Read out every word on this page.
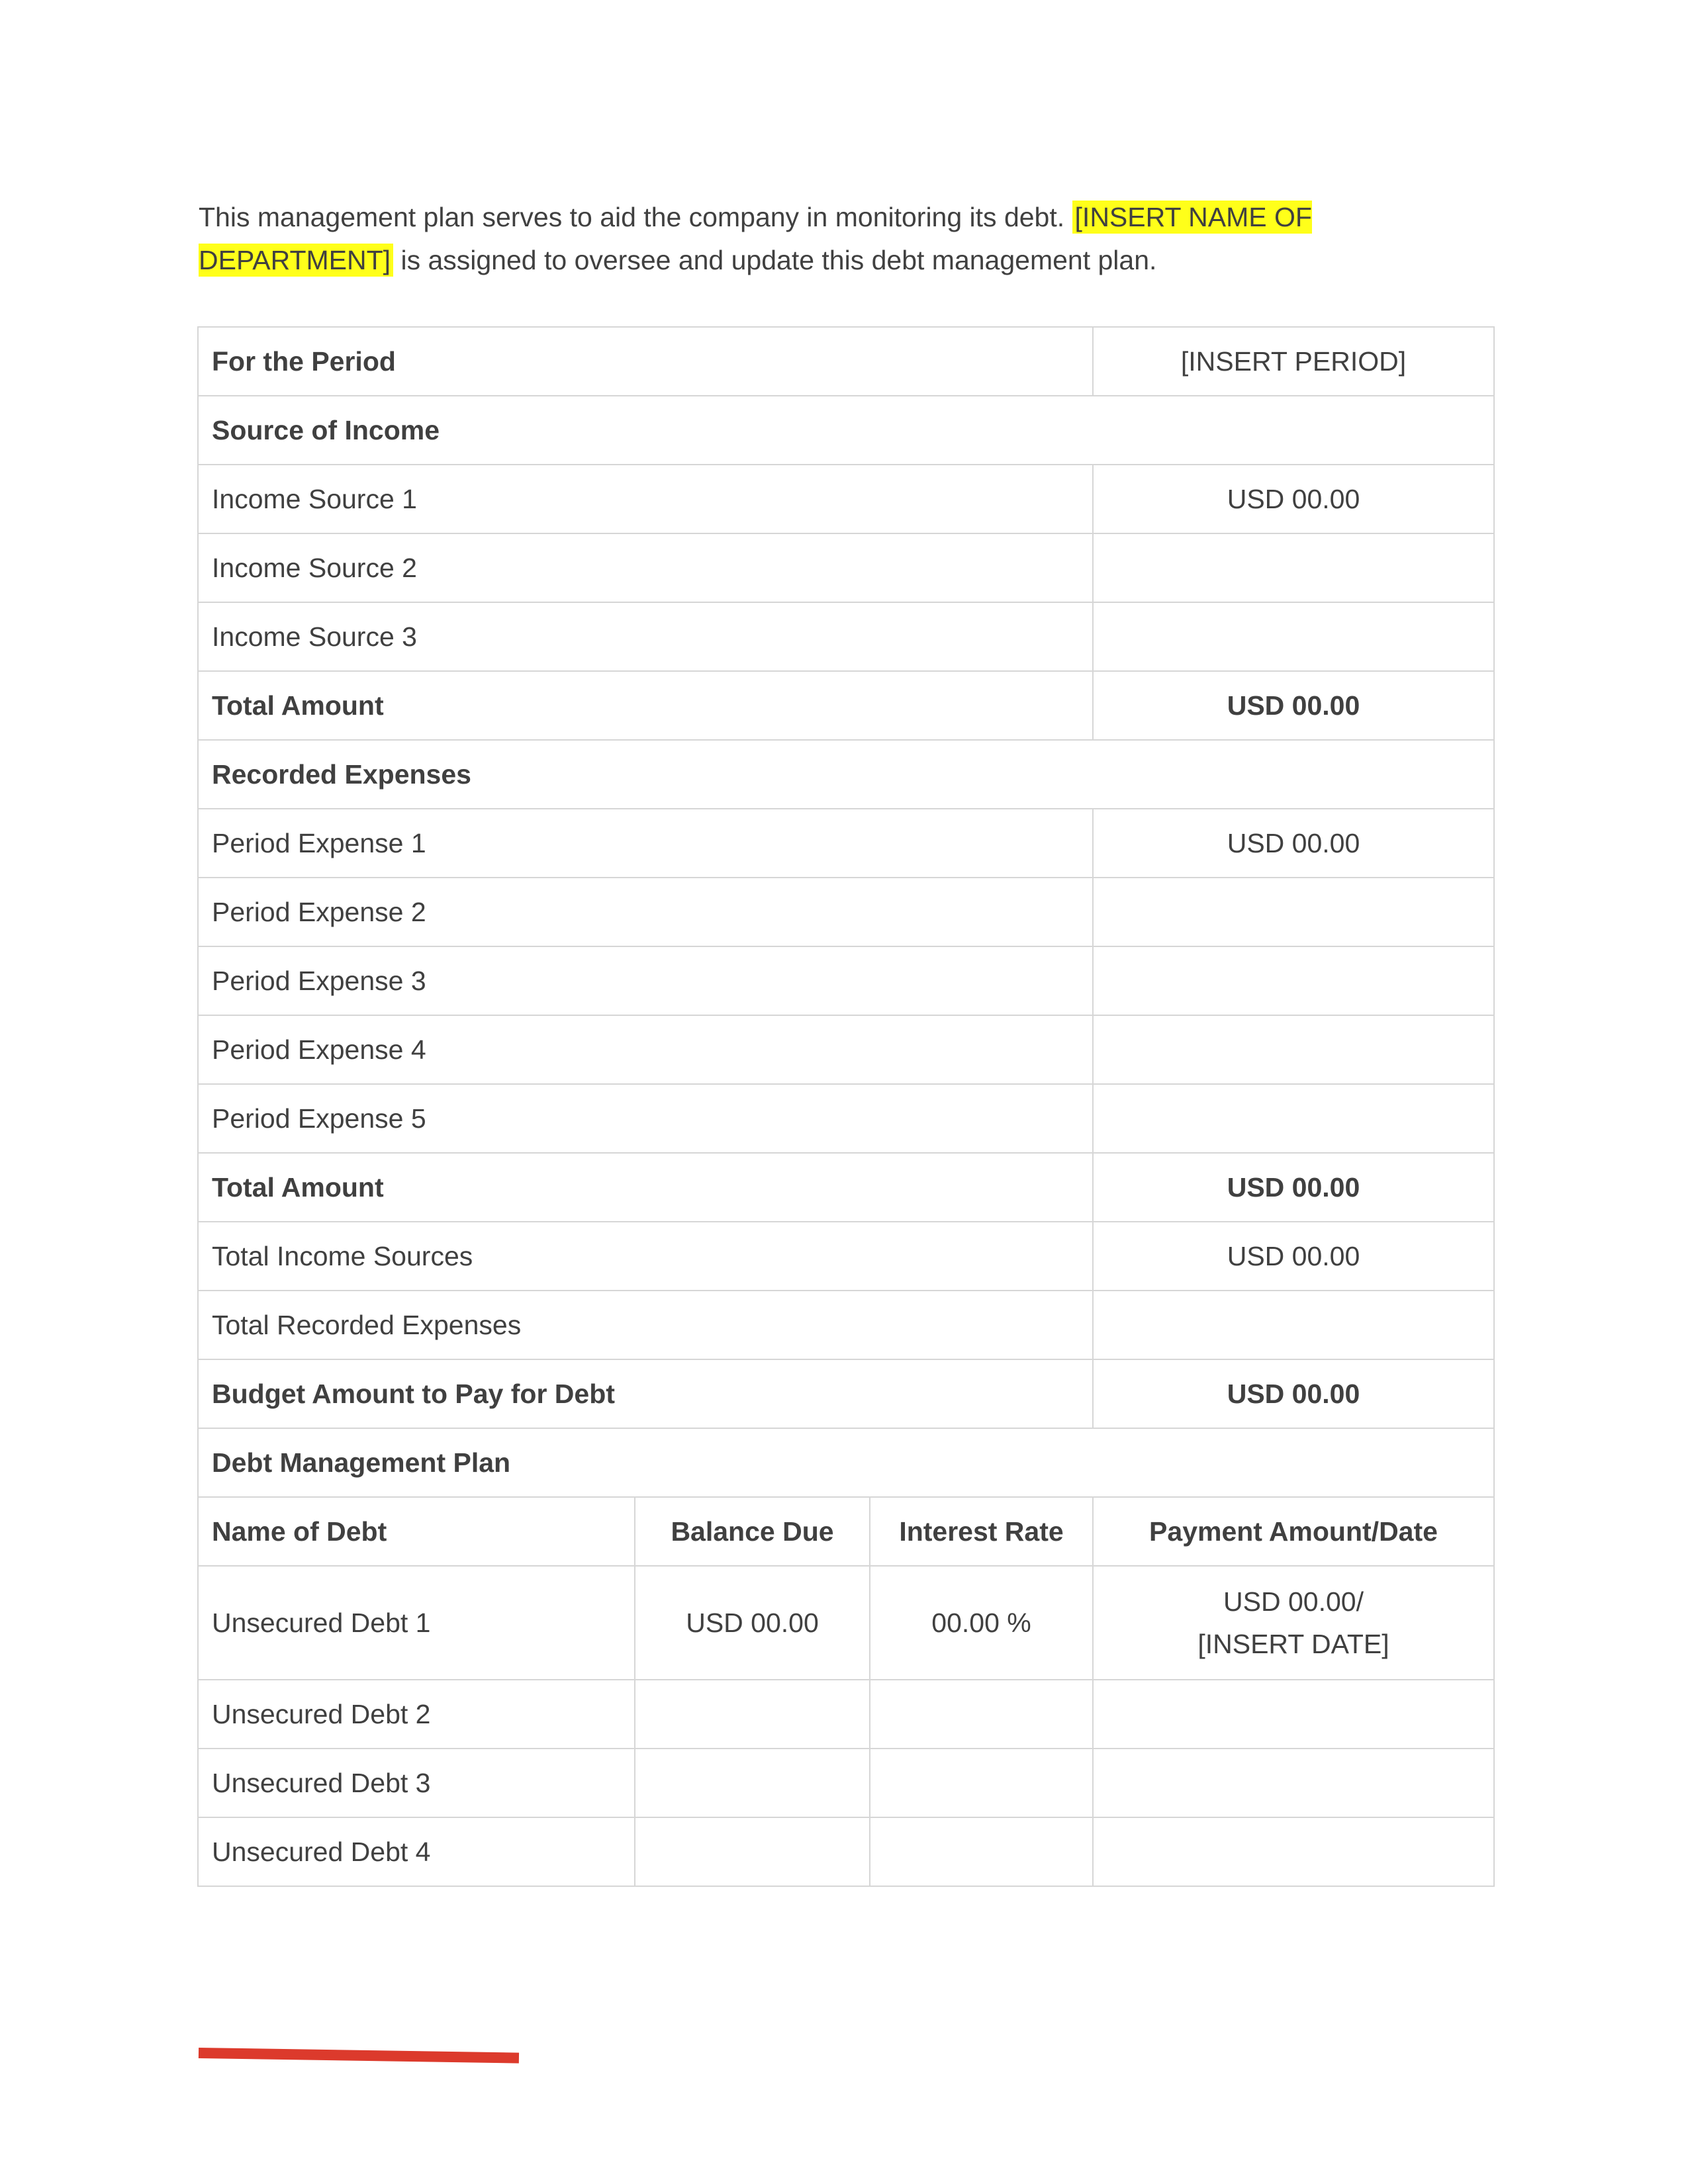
This management plan serves to aid the company in monitoring its debt. [INSERT NAME OF DEPARTMENT] is assigned to oversee and update this debt management plan.

For the Period			[INSERT PERIOD]
Source of Income			
Income Source 1			USD 00.00
Income Source 2			
Income Source 3			
Total Amount			USD 00.00
Recorded Expenses			
Period Expense 1			USD 00.00
Period Expense 2			
Period Expense 3			
Period Expense 4			
Period Expense 5			
Total Amount			USD 00.00
Total Income Sources			USD 00.00
Total Recorded Expenses			
Budget Amount to Pay for Debt			USD 00.00
Debt Management Plan			
Name of Debt	Balance Due	Interest Rate	Payment Amount/Date
Unsecured Debt 1	USD 00.00	00.00 %	USD 00.00/
[INSERT DATE]

Unsecured Debt 2			
Unsecured Debt 3			
Unsecured Debt 4			
